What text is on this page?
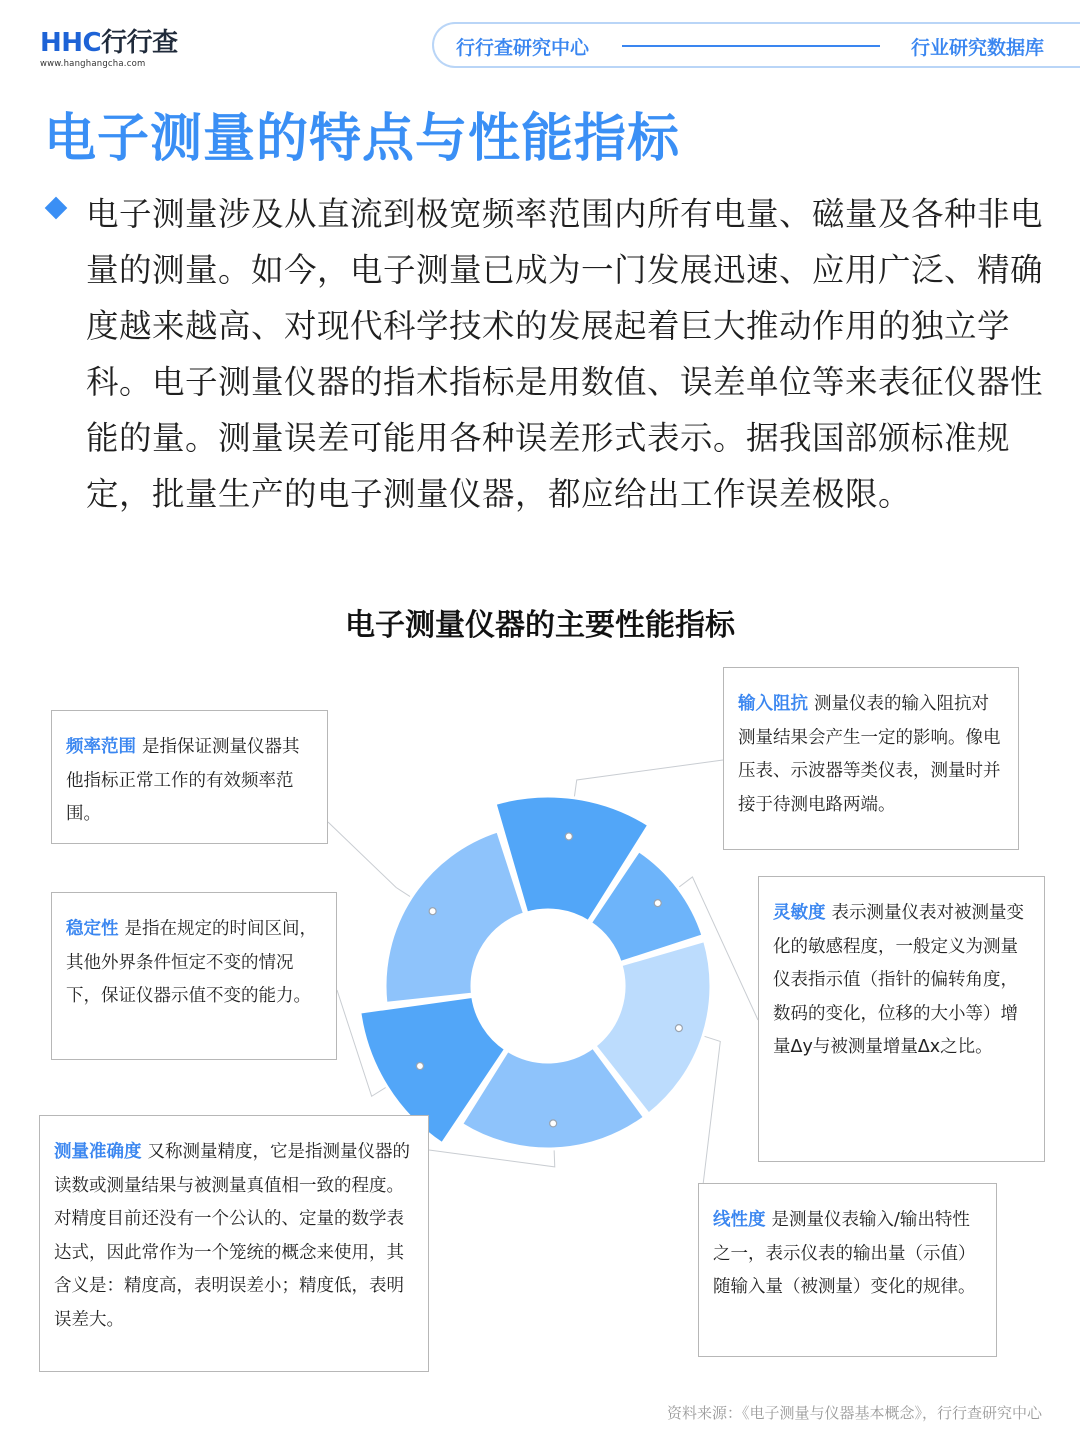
HHC行行查
www.hanghangcha.com
行行查研究中心	行业研究数据库
电子测量的特点与性能指标
电子测量涉及从直流到极宽频率范围内所有电量、磁量及各种非电量的测量。如今，电子测量已成为一门发展迅速、应用广泛、精确度越来越高、对现代科学技术的发展起着巨大推动作用的独立学科。电子测量仪器的指术指标是用数值、误差单位等来表征仪器性能的量。测量误差可能用各种误差形式表示。据我国部颁标准规定，批量生产的电子测量仪器，都应给出工作误差极限。
电子测量仪器的主要性能指标
频率范围 是指保证测量仪器其他指标正常工作的有效频率范围。
输入阻抗 测量仪表的输入阻抗对测量结果会产生一定的影响。像电压表、示波器等类仪表，测量时并接于待测电路两端。
灵敏度 表示测量仪表对被测量变化的敏感程度，一般定义为测量仪表指示值（指针的偏转角度，数码的变化，位移的大小等）增量Δy与被测量增量Δx之比。
线性度 是测量仪表输入/输出特性之一，表示仪表的输出量（示值）随输入量（被测量）变化的规律。
测量准确度 又称测量精度，它是指测量仪器的读数或测量结果与被测量真值相一致的程度。对精度目前还没有一个公认的、定量的数学表达式，因此常作为一个笼统的概念来使用，其含义是：精度高，表明误差小；精度低，表明误差大。
稳定性 是指在规定的时间区间，其他外界条件恒定不变的情况下，保证仪器示值不变的能力。
资料来源：《电子测量与仪器基本概念》，行行查研究中心
